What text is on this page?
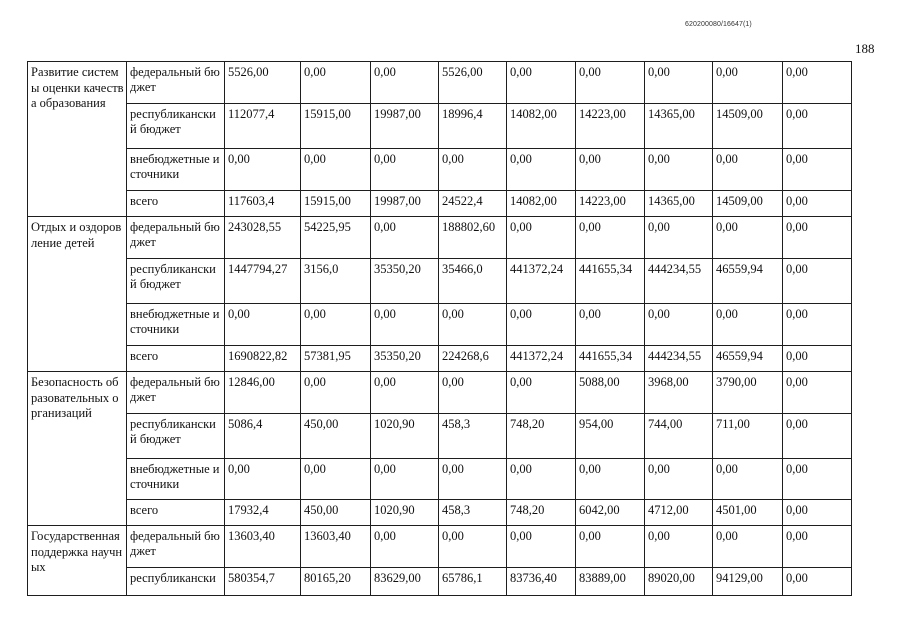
620200080/16647(1)
188
Развитие системы оценки качества образования	федеральный бюджет	5526,00	0,00	0,00	5526,00	0,00	0,00	0,00	0,00	0,00
	республиканский бюджет	112077,4	15915,00	19987,00	18996,4	14082,00	14223,00	14365,00	14509,00	0,00
	внебюджетные источники	0,00	0,00	0,00	0,00	0,00	0,00	0,00	0,00	0,00
	всего	117603,4	15915,00	19987,00	24522,4	14082,00	14223,00	14365,00	14509,00	0,00
Отдых и оздоровление детей	федеральный бюджет	243028,55	54225,95	0,00	188802,60	0,00	0,00	0,00	0,00	0,00
	республиканский бюджет	1447794,27	3156,0	35350,20	35466,0	441372,24	441655,34	444234,55	46559,94	0,00
	внебюджетные источники	0,00	0,00	0,00	0,00	0,00	0,00	0,00	0,00	0,00
	всего	1690822,82	57381,95	35350,20	224268,6	441372,24	441655,34	444234,55	46559,94	0,00
Безопасность образовательных организаций	федеральный бюджет	12846,00	0,00	0,00	0,00	0,00	5088,00	3968,00	3790,00	0,00
	республиканский бюджет	5086,4	450,00	1020,90	458,3	748,20	954,00	744,00	711,00	0,00
	внебюджетные источники	0,00	0,00	0,00	0,00	0,00	0,00	0,00	0,00	0,00
	всего	17932,4	450,00	1020,90	458,3	748,20	6042,00	4712,00	4501,00	0,00
Государственная поддержка научных	федеральный бюджет	13603,40	13603,40	0,00	0,00	0,00	0,00	0,00	0,00	0,00
	республикански	580354,7	80165,20	83629,00	65786,1	83736,40	83889,00	89020,00	94129,00	0,00
